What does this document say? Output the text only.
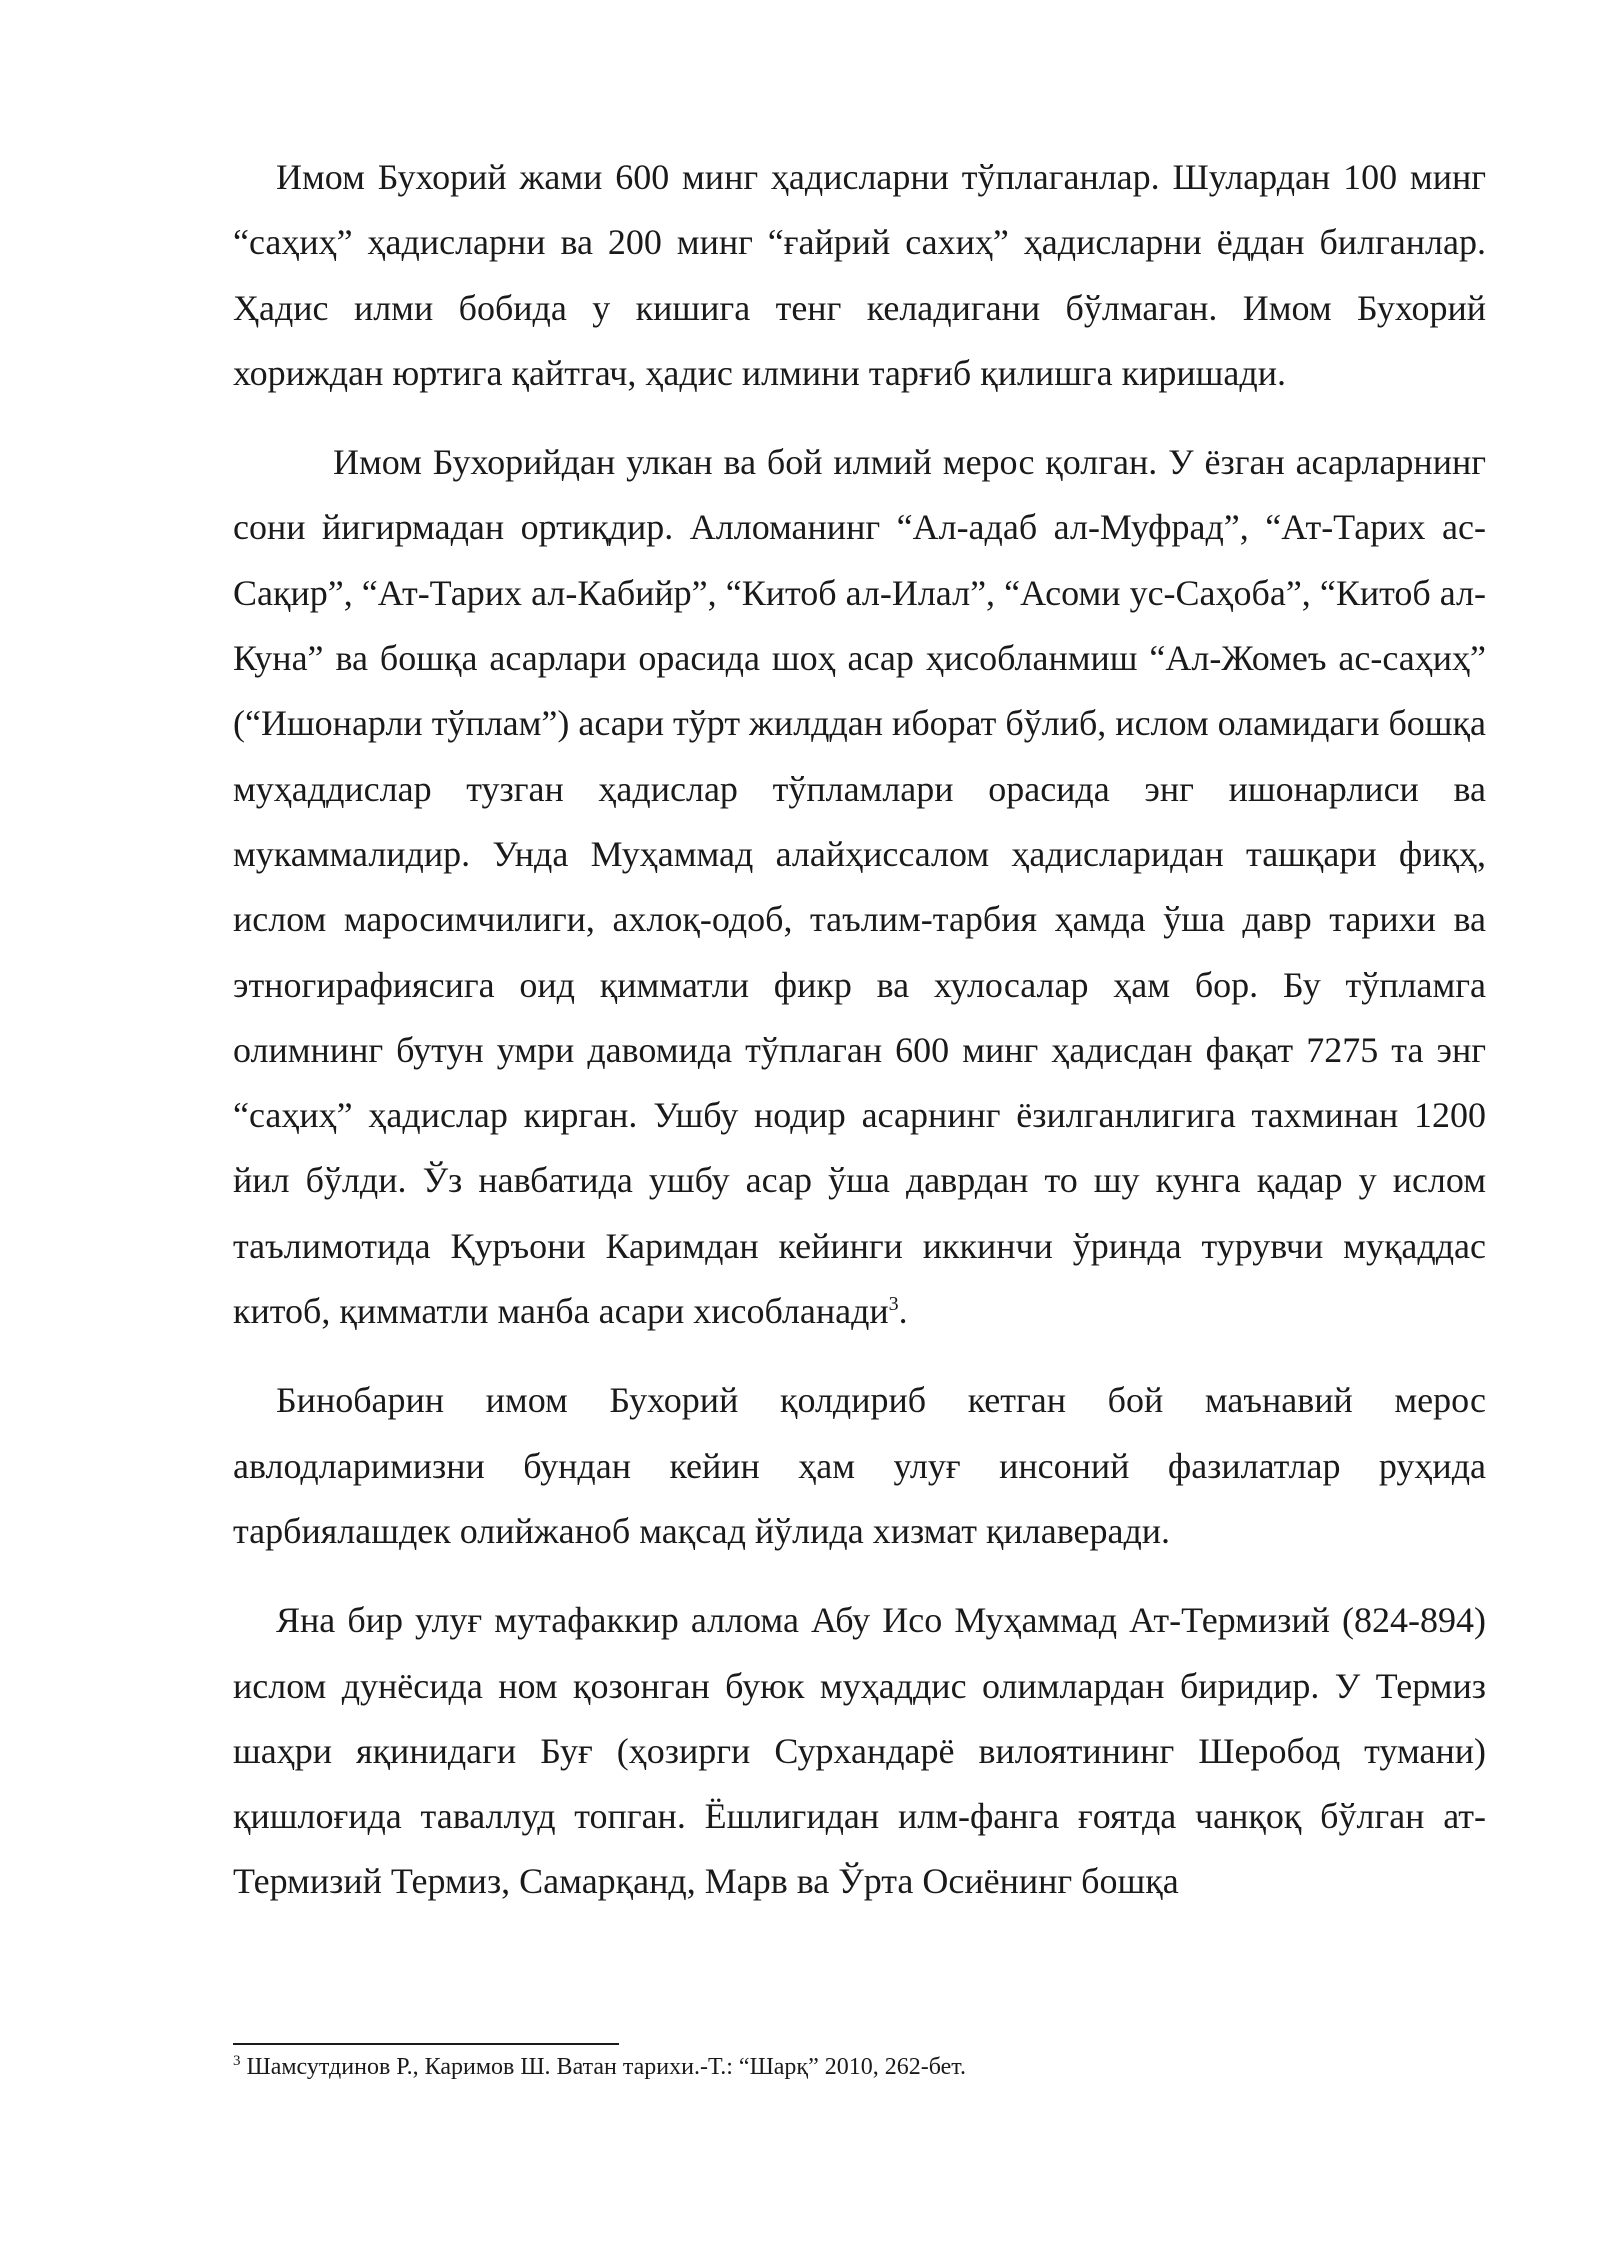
Имом Бухорий жами 600 минг ҳадисларни тўплаганлар. Шулардан 100 минг “саҳиҳ” ҳадисларни ва 200 минг “ғайрий сахиҳ” ҳадисларни ёддан билганлар. Ҳадис илми бобида у кишига тенг келадигани бўлмаган. Имом Бухорий хориждан юртига қайтгач, ҳадис илмини тарғиб қилишга киришади.

Имом Бухорийдан улкан ва бой илмий мерос қолган. У ёзган асарларнинг сони йигирмадан ортиқдир. Алломанинг “Ал-адаб ал-Муфрад”, “Ат-Тарих ас-Сақир”, “Ат-Тарих ал-Кабийр”, “Китоб ал-Илал”, “Асоми ус-Саҳоба”, “Китоб ал-Куна” ва бошқа асарлари орасида шоҳ асар ҳисобланмиш “Ал-Жомеъ ас-саҳиҳ” (“Ишонарли тўплам”) асари тўрт жилддан иборат бўлиб, ислом оламидаги бошқа муҳаддислар тузган ҳадислар тўпламлари орасида энг ишонарлиси ва мукаммалидир. Унда Муҳаммад алайҳиссалом ҳадисларидан ташқари фиқҳ, ислом маросимчилиги, ахлоқ-одоб, таълим-тарбия ҳамда ўша давр тарихи ва этногирафиясига оид қимматли фикр ва хулосалар ҳам бор. Бу тўпламга олимнинг бутун умри давомида тўплаган 600 минг ҳадисдан фақат 7275 та энг “саҳиҳ” ҳадислар кирган. Ушбу нодир асарнинг ёзилганлигига тахминан 1200 йил бўлди. Ўз навбатида ушбу асар ўша даврдан то шу кунга қадар у ислом таълимотида Қуръони Каримдан кейинги иккинчи ўринда турувчи муқаддас китоб, қимматли манба асари хисобланади$^3$.

Бинобарин имом Бухорий қолдириб кетган бой маънавий мерос авлодларимизни бундан кейин ҳам улуғ инсоний фазилатлар руҳида тарбиялашдек олийжаноб мақсад йўлида хизмат қилаверади.

Яна бир улуғ мутафаккир аллома Абу Исо Муҳаммад Ат-Термизий (824-894) ислом дунёсида ном қозонган буюк муҳаддис олимлардан биридир. У Термиз шаҳри яқинидаги Буғ (ҳозирги Сурхандарё вилоятининг Шеробод тумани) қишлоғида таваллуд топган. Ёшлигидан илм-фанга ғоятда чанқоқ бўлган ат-Термизий Термиз, Самарқанд, Марв ва Ўрта Осиёнинг бошқа

$^3$ Шамсутдинов Р., Каримов Ш. Ватан тарихи.-Т.: “Шарқ” 2010, 262-бет.
